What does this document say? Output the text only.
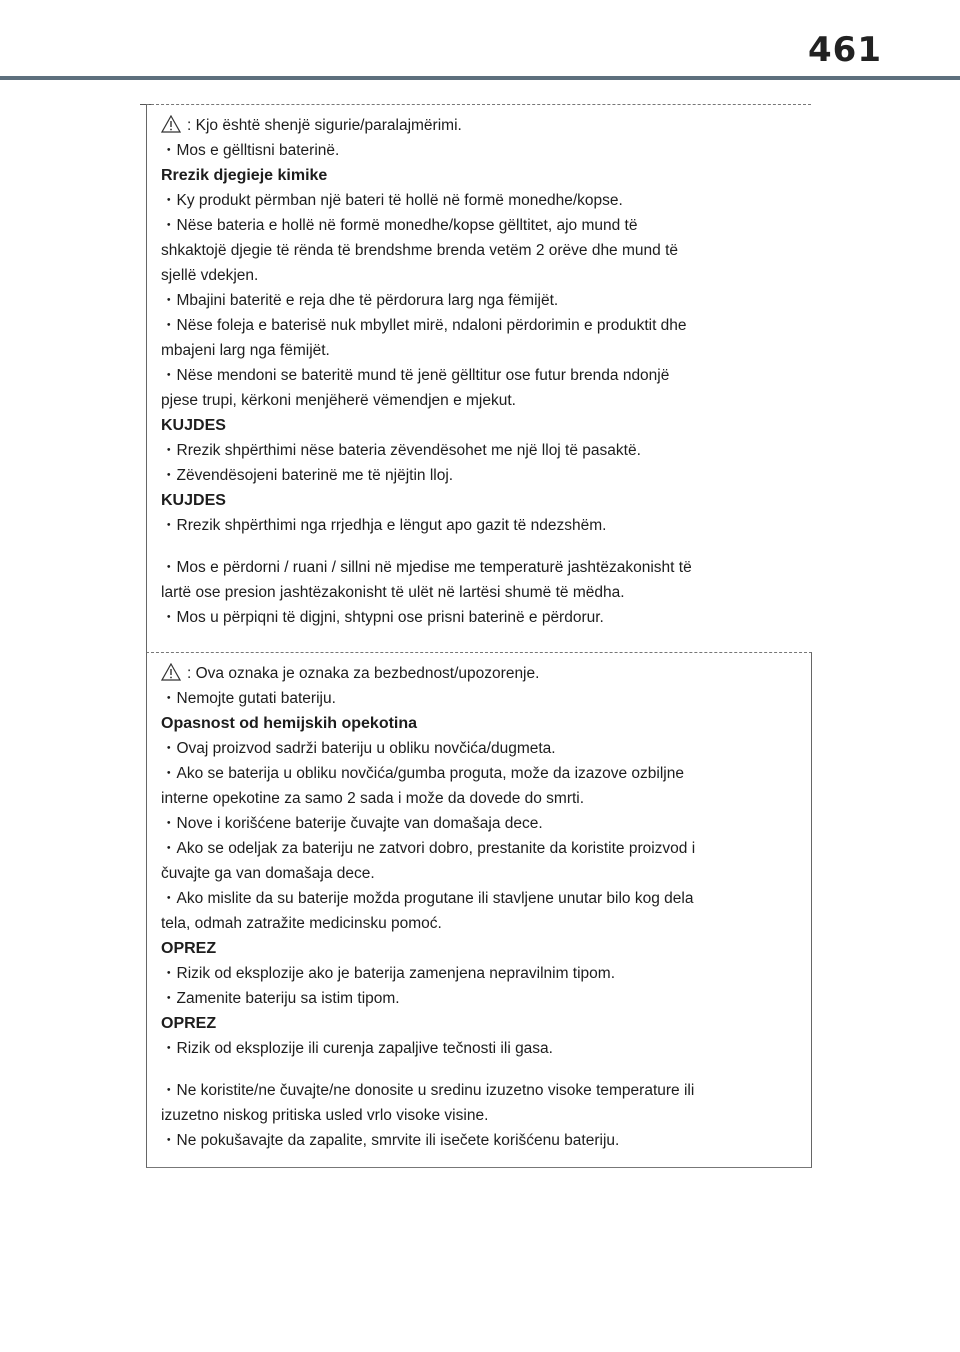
461

: Kjo është shenjë sigurie/paralajmërimi.

・Mos e gëlltisni baterinë.

Rrezik djegieje kimike

・Ky produkt përmban një bateri të hollë në formë monedhe/kopse.

・Nëse bateria e hollë në formë monedhe/kopse gëlltitet, ajo mund të

shkaktojë djegie të rënda të brendshme brenda vetëm 2 orëve dhe mund të

sjellë vdekjen.

・Mbajini bateritë e reja dhe të përdorura larg nga fëmijët.

・Nëse foleja e baterisë nuk mbyllet mirë, ndaloni përdorimin e produktit dhe

mbajeni larg nga fëmijët.

・Nëse mendoni se bateritë mund të jenë gëlltitur ose futur brenda ndonjë

pjese trupi, kërkoni menjëherë vëmendjen e mjekut.

KUJDES

・Rrezik shpërthimi nëse bateria zëvendësohet me një lloj të pasaktë.

・Zëvendësojeni baterinë me të njëjtin lloj.

KUJDES

・Rrezik shpërthimi nga rrjedhja e lëngut apo gazit të ndezshëm.

・Mos e përdorni / ruani / sillni në mjedise me temperaturë jashtëzakonisht të

lartë ose presion jashtëzakonisht të ulët në lartësi shumë të mëdha.

・Mos u përpiqni të digjni, shtypni ose prisni baterinë e përdorur.

: Ova oznaka je oznaka za bezbednost/upozorenje.

・Nemojte gutati bateriju.

Opasnost od hemijskih opekotina

・Ovaj proizvod sadrži bateriju u obliku novčića/dugmeta.

・Ako se baterija u obliku novčića/gumba proguta, može da izazove ozbiljne

interne opekotine za samo 2 sada i može da dovede do smrti.

・Nove i korišćene baterije čuvajte van domašaja dece.

・Ako se odeljak za bateriju ne zatvori dobro, prestanite da koristite proizvod i

čuvajte ga van domašaja dece.

・Ako mislite da su baterije možda progutane ili stavljene unutar bilo kog dela

tela, odmah zatražite medicinsku pomoć.

OPREZ

・Rizik od eksplozije ako je baterija zamenjena nepravilnim tipom.

・Zamenite bateriju sa istim tipom.

OPREZ

・Rizik od eksplozije ili curenja zapaljive tečnosti ili gasa.

・Ne koristite/ne čuvajte/ne donosite u sredinu izuzetno visoke temperature ili

izuzetno niskog pritiska usled vrlo visoke visine.

・Ne pokušavajte da zapalite, smrvite ili isečete korišćenu bateriju.
